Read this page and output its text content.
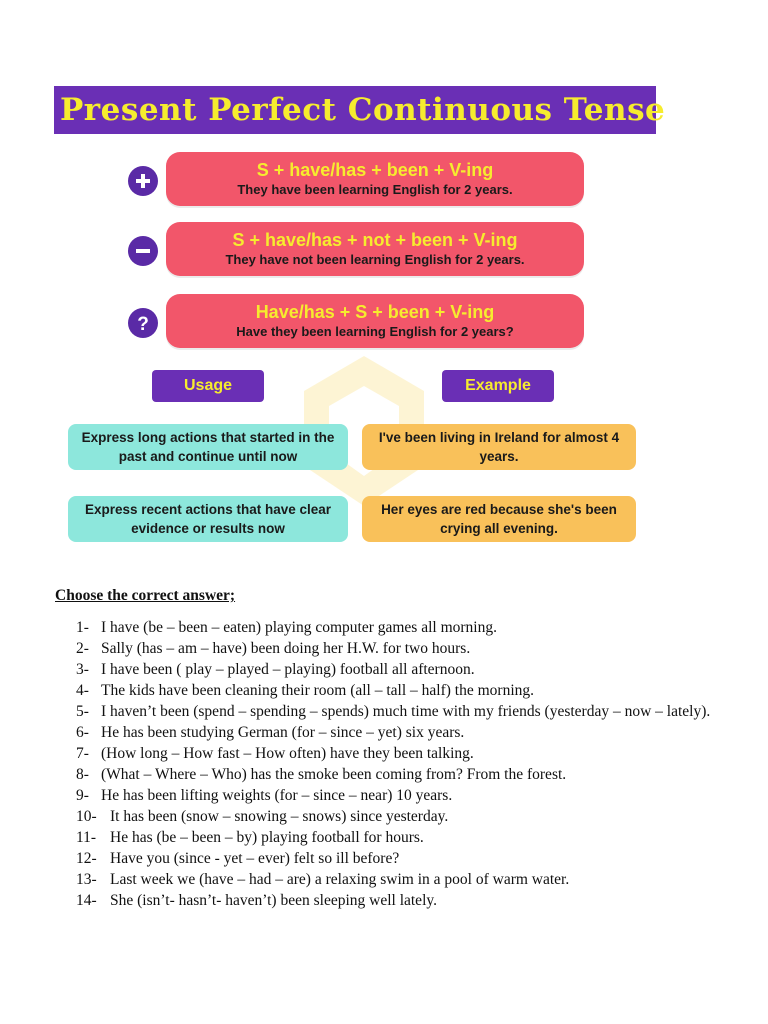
Present Perfect Continuous Tense
S + have/has + been + V-ing
They have been learning English for 2 years.
S + have/has + not + been + V-ing
They have not been learning English for 2 years.
?
Have/has + S + been + V-ing
Have they been learning English for 2 years?
Usage	Example
Express long actions that started in the past and continue until now
I've been living in Ireland for almost 4 years.
Express recent actions that have clear evidence or results now
Her eyes are red because she's been crying all evening.
Choose the correct answer;
1- I have (be – been – eaten) playing computer games all morning.
2- Sally (has – am – have) been doing her H.W. for two hours.
3- I have been ( play – played – playing) football all afternoon.
4- The kids have been cleaning their room (all – tall – half) the morning.
5- I haven’t been (spend – spending – spends) much time with my friends (yesterday – now – lately).
6- He has been studying German (for – since – yet) six years.
7- (How long – How fast – How often) have they been talking.
8- (What – Where – Who) has the smoke been coming from? From the forest.
9- He has been lifting weights (for – since – near) 10 years.
10- It has been (snow – snowing – snows) since yesterday.
11- He has (be – been – by) playing football for hours.
12- Have you (since - yet – ever) felt so ill before?
13- Last week we (have – had – are) a relaxing swim in a pool of warm water.
14- She (isn’t- hasn’t- haven’t) been sleeping well lately.
